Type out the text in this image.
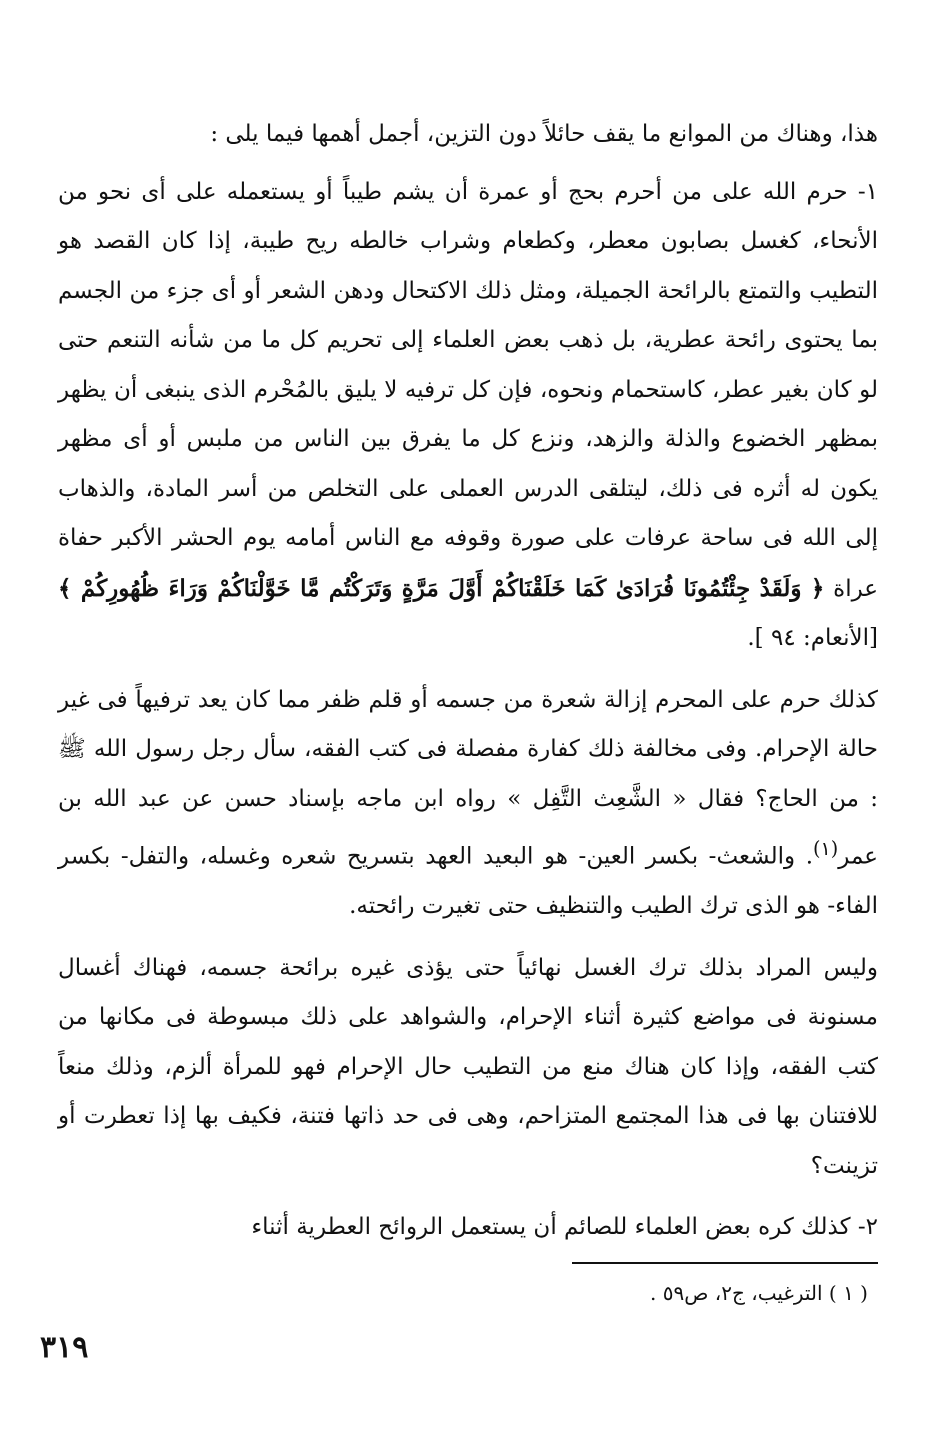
هذا، وهناك من الموانع ما يقف حائلاً دون التزين، أجمل أهمها فيما يلى :

١- حرم الله على من أحرم بحج أو عمرة أن يشم طيباً أو يستعمله على أى نحو من الأنحاء، كغسل بصابون معطر، وكطعام وشراب خالطه ريح طيبة، إذا كان القصد هو التطيب والتمتع بالرائحة الجميلة، ومثل ذلك الاكتحال ودهن الشعر أو أى جزء من الجسم بما يحتوى رائحة عطرية، بل ذهب بعض العلماء إلى تحريم كل ما من شأنه التنعم حتى لو كان بغير عطر، كاستحمام ونحوه، فإن كل ترفيه لا يليق بالمُحْرم الذى ينبغى أن يظهر بمظهر الخضوع والذلة والزهد، ونزع كل ما يفرق بين الناس من ملبس أو أى مظهر يكون له أثره فى ذلك، ليتلقى الدرس العملى على التخلص من أسر المادة، والذهاب إلى الله فى ساحة عرفات على صورة وقوفه مع الناس أمامه يوم الحشر الأكبر حفاة عراة ﴿ وَلَقَدْ جِئْتُمُونَا فُرَادَىٰ كَمَا خَلَقْنَاكُمْ أَوَّلَ مَرَّةٍ وَتَرَكْتُم مَّا خَوَّلْنَاكُمْ وَرَاءَ ظُهُورِكُمْ ﴾ [الأنعام: ٩٤ ].

كذلك حرم على المحرم إزالة شعرة من جسمه أو قلم ظفر مما كان يعد ترفيهاً فى غير حالة الإحرام. وفى مخالفة ذلك كفارة مفصلة فى كتب الفقه، سأل رجل رسول الله ﷺ : من الحاج؟ فقال « الشَّعِث التَّفِل » رواه ابن ماجه بإسناد حسن عن عبد الله بن عمر$^{(١)}$. والشعث- بكسر العين- هو البعيد العهد بتسريح شعره وغسله، والتفل- بكسر الفاء- هو الذى ترك الطيب والتنظيف حتى تغيرت رائحته.

وليس المراد بذلك ترك الغسل نهائياً حتى يؤذى غيره برائحة جسمه، فهناك أغسال مسنونة فى مواضع كثيرة أثناء الإحرام، والشواهد على ذلك مبسوطة فى مكانها من كتب الفقه، وإذا كان هناك منع من التطيب حال الإحرام فهو للمرأة ألزم، وذلك منعاً للافتنان بها فى هذا المجتمع المتزاحم، وهى فى حد ذاتها فتنة، فكيف بها إذا تعطرت أو تزينت؟

٢- كذلك كره بعض العلماء للصائم أن يستعمل الروائح العطرية أثناء

( ١ ) الترغيب، ج٢، ص٥٩ .

٣١٩
